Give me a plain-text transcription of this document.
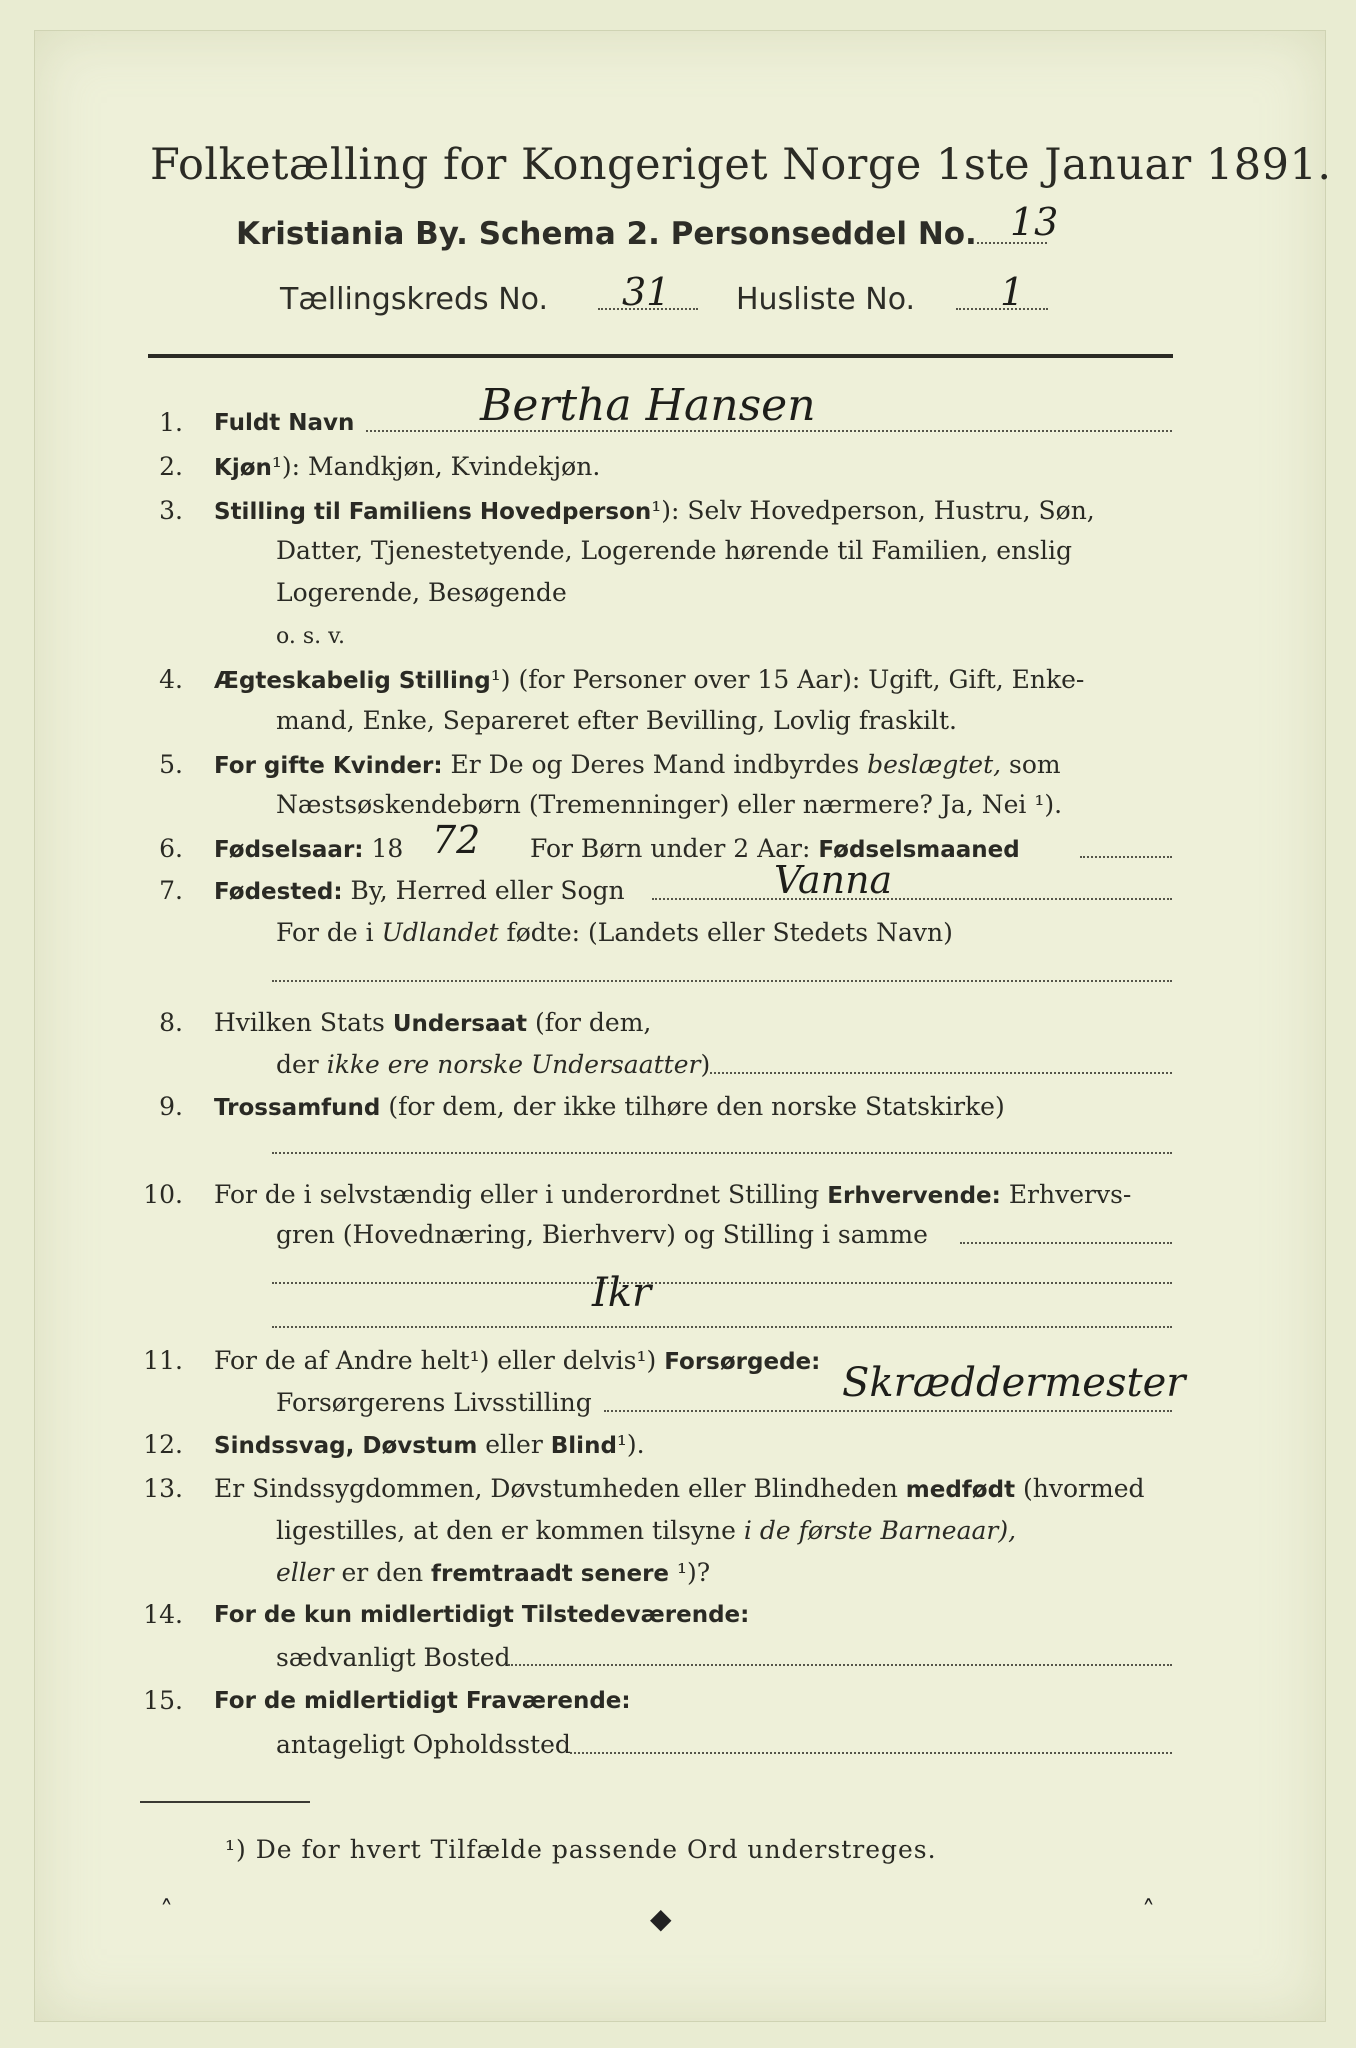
Folketælling for Kongeriget Norge 1ste Januar 1891.
Kristiania By. Schema 2. Personseddel No. 13
Tællingskreds No. 31 Husliste No. 1
1. Fuldt Navn	Bertha Hansen
2. Kjøn¹): Mandkjøn, Kvindekjøn.
3. Stilling til Familiens Hovedperson¹): Selv Hovedperson, Hustru, Søn,
Datter, Tjenestetyende, Logerende hørende til Familien, enslig
Logerende, Besøgende
o. s. v.
4. Ægteskabelig Stilling¹) (for Personer over 15 Aar): Ugift, Gift, Enke-
mand, Enke, Separeret efter Bevilling, Lovlig fraskilt.
5. For gifte Kvinder: Er De og Deres Mand indbyrdes beslægtet, som
Næstsøskendebørn (Tremenninger) eller nærmere? Ja, Nei ¹).
6. Fødselsaar: 18	For Børn under 2 Aar: Fødselsmaaned
72
7. Fødested: By, Herred eller Sogn	Vanna
For de i Udlandet fødte: (Landets eller Stedets Navn)
8. Hvilken Stats Undersaat (for dem,
der ikke ere norske Undersaatter)
9. Trossamfund (for dem, der ikke tilhøre den norske Statskirke)
10. For de i selvstændig eller i underordnet Stilling Erhvervende: Erhvervs-
gren (Hovednæring, Bierhverv) og Stilling i samme
Ikr
11. For de af Andre helt¹) eller delvis¹) Forsørgede:
Forsørgerens Livsstilling	Skræddermester
12. Sindssvag, Døvstum eller Blind¹).
13. Er Sindssygdommen, Døvstumheden eller Blindheden medfødt (hvormed
ligestilles, at den er kommen tilsyne i de første Barneaar),
eller er den fremtraadt senere ¹)?
14. For de kun midlertidigt Tilstedeværende:
sædvanligt Bosted
15. For de midlertidigt Fraværende:
antageligt Opholdssted
¹) De for hvert Tilfælde passende Ord understreges.
˄	◆	˄
